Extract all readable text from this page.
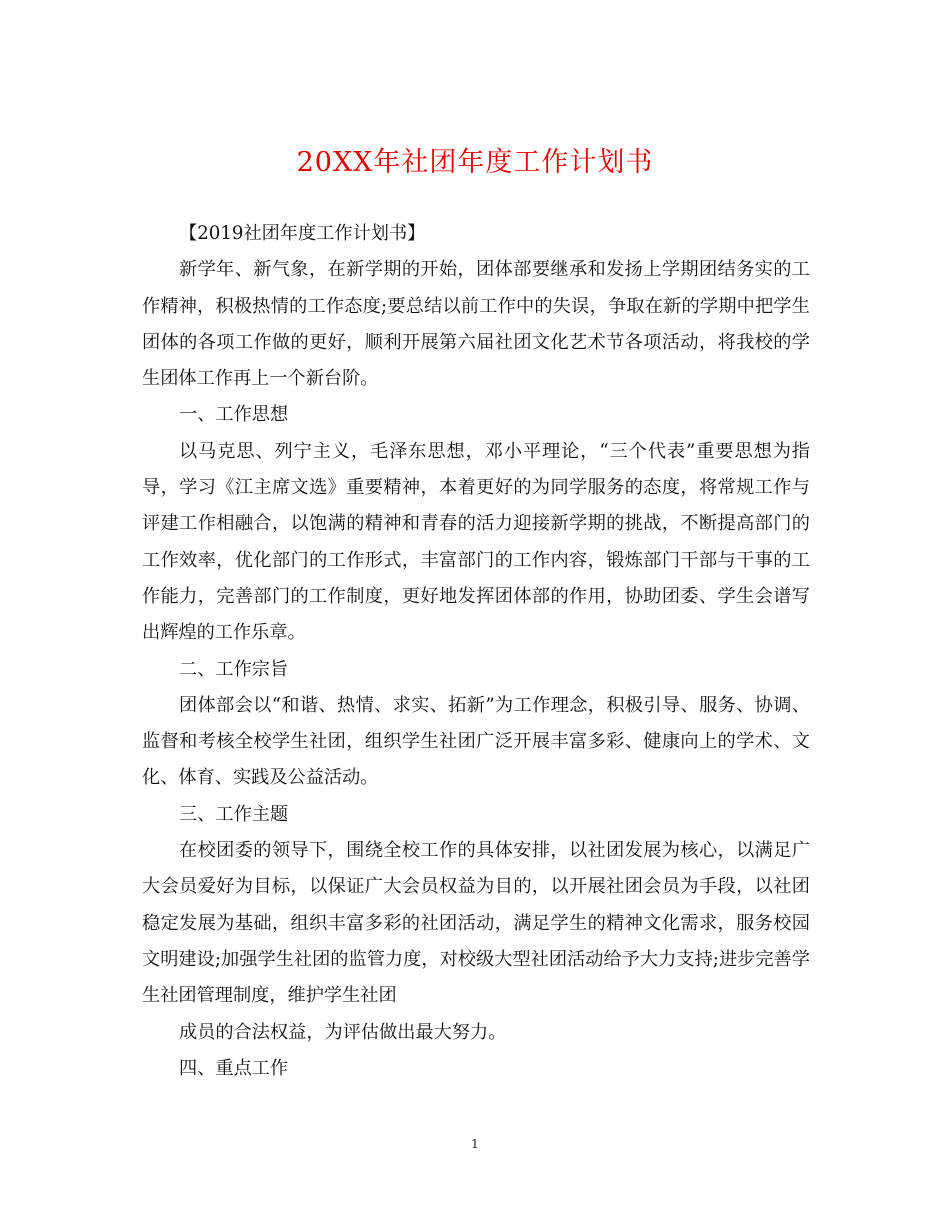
20XX年社团年度工作计划书

【2019社团年度工作计划书】

新学年、新气象，在新学期的开始，团体部要继承和发扬上学期团结务实的工作精神，积极热情的工作态度;要总结以前工作中的失误，争取在新的学期中把学生团体的各项工作做的更好，顺利开展第六届社团文化艺术节各项活动，将我校的学生团体工作再上一个新台阶。

一、工作思想

以马克思、列宁主义，毛泽东思想，邓小平理论，“三个代表”重要思想为指导，学习《江主席文选》重要精神，本着更好的为同学服务的态度，将常规工作与评建工作相融合，以饱满的精神和青春的活力迎接新学期的挑战，不断提高部门的工作效率，优化部门的工作形式，丰富部门的工作内容，锻炼部门干部与干事的工作能力，完善部门的工作制度，更好地发挥团体部的作用，协助团委、学生会谱写出辉煌的工作乐章。

二、工作宗旨

团体部会以“和谐、热情、求实、拓新”为工作理念，积极引导、服务、协调、监督和考核全校学生社团，组织学生社团广泛开展丰富多彩、健康向上的学术、文化、体育、实践及公益活动。

三、工作主题

在校团委的领导下，围绕全校工作的具体安排，以社团发展为核心，以满足广大会员爱好为目标，以保证广大会员权益为目的，以开展社团会员为手段，以社团稳定发展为基础，组织丰富多彩的社团活动，满足学生的精神文化需求，服务校园文明建设;加强学生社团的监管力度，对校级大型社团活动给予大力支持;进步完善学生社团管理制度，维护学生社团

成员的合法权益，为评估做出最大努力。

四、重点工作

1
